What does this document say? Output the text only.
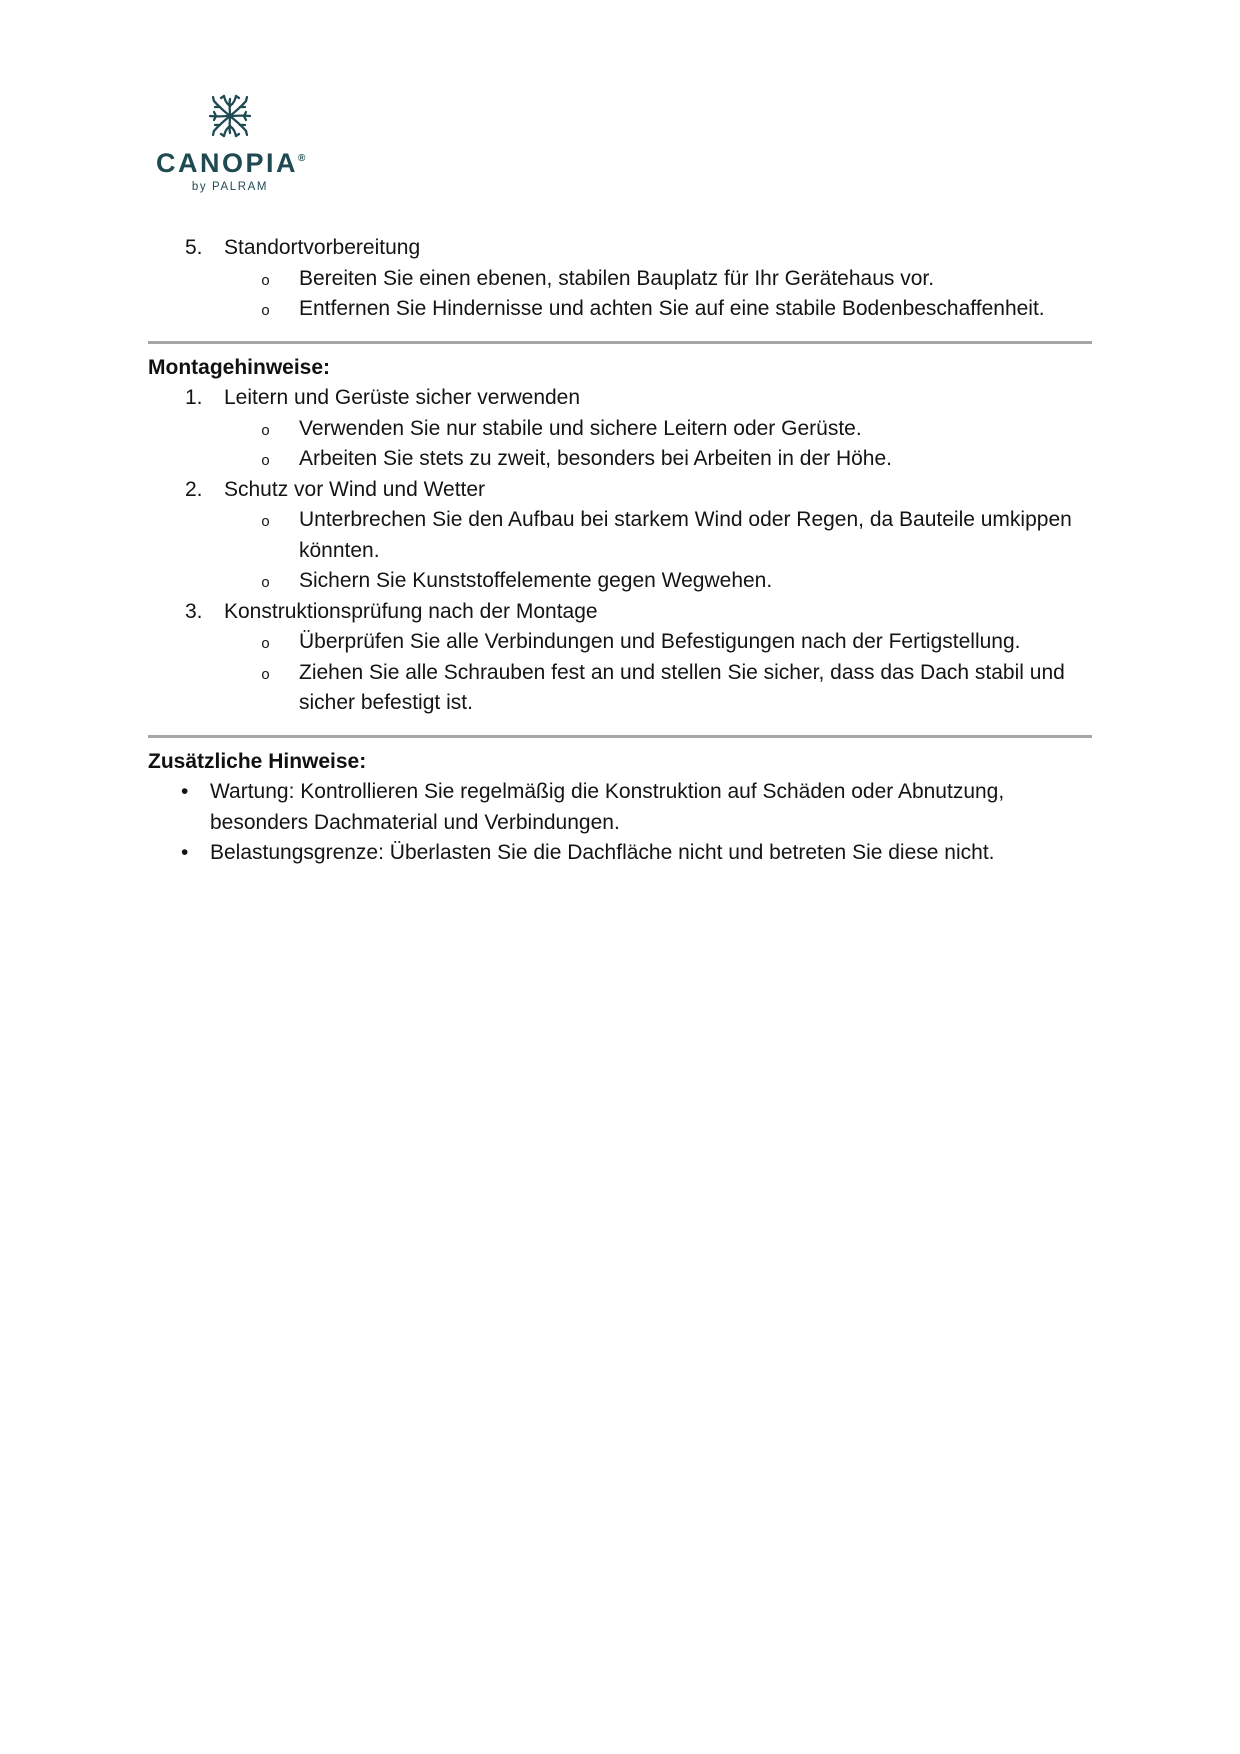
CANOPIA®
by PALRAM
5. Standortvorbereitung
o Bereiten Sie einen ebenen, stabilen Bauplatz für Ihr Gerätehaus vor.
o Entfernen Sie Hindernisse und achten Sie auf eine stabile Bodenbeschaffenheit.
Montagehinweise:
1. Leitern und Gerüste sicher verwenden
o Verwenden Sie nur stabile und sichere Leitern oder Gerüste.
o Arbeiten Sie stets zu zweit, besonders bei Arbeiten in der Höhe.
2. Schutz vor Wind und Wetter
o Unterbrechen Sie den Aufbau bei starkem Wind oder Regen, da Bauteile umkippen könnten.
o Sichern Sie Kunststoffelemente gegen Wegwehen.
3. Konstruktionsprüfung nach der Montage
o Überprüfen Sie alle Verbindungen und Befestigungen nach der Fertigstellung.
o Ziehen Sie alle Schrauben fest an und stellen Sie sicher, dass das Dach stabil und sicher befestigt ist.
Zusätzliche Hinweise:
• Wartung: Kontrollieren Sie regelmäßig die Konstruktion auf Schäden oder Abnutzung, besonders Dachmaterial und Verbindungen.
• Belastungsgrenze: Überlasten Sie die Dachfläche nicht und betreten Sie diese nicht.
